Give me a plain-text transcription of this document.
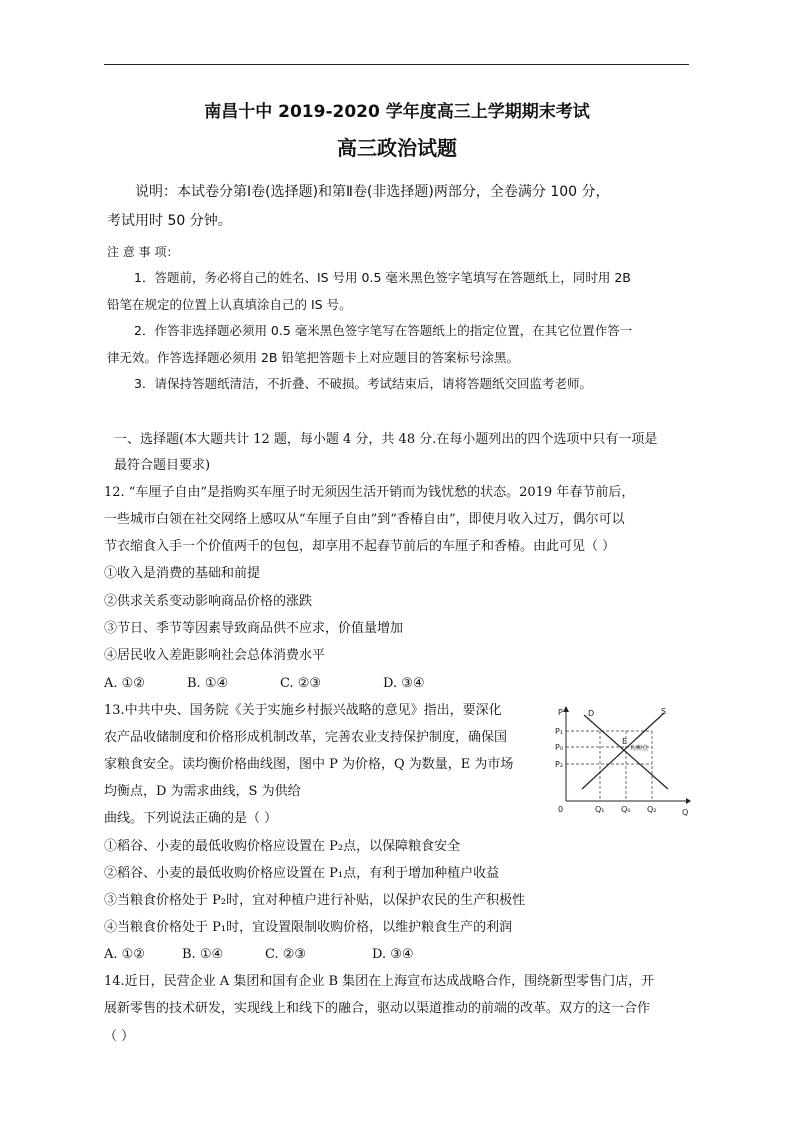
南昌十中 2019-2020 学年度高三上学期期末考试
高三政治试题
说明：本试卷分第Ⅰ卷(选择题)和第Ⅱ卷(非选择题)两部分，全卷满分 100 分，
考试用时 50 分钟。
注 意 事 项：
1．答题前，务必将自己的姓名、IS 号用 0.5 毫米黑色签字笔填写在答题纸上，同时用 2B
铅笔在规定的位置上认真填涂自己的 IS 号。
2．作答非选择题必须用 0.5 毫米黑色签字笔写在答题纸上的指定位置，在其它位置作答一
律无效。作答选择题必须用 2B 铅笔把答题卡上对应题目的答案标号涂黑。
3．请保持答题纸清洁，不折叠、不破损。考试结束后，请将答题纸交回监考老师。
一、选择题(本大题共计 12 题，每小题 4 分，共 48 分.在每小题列出的四个选项中只有一项是
最符合题目要求)
12. “车厘子自由”是指购买车厘子时无须因生活开销而为钱忧愁的状态。2019 年春节前后，
一些城市白领在社交网络上感叹从“车厘子自由”到“香椿自由”，即使月收入过万，偶尔可以
节衣缩食入手一个价值两千的包包，却享用不起春节前后的车厘子和香椿。由此可见（ ）
①收入是消费的基础和前提
②供求关系变动影响商品价格的涨跌
③节日、季节等因素导致商品供不应求，价值量增加
④居民收入差距影响社会总体消费水平
A. ①②	B. ①④	C. ②③	D. ③④
13.中共中央、国务院《关于实施乡村振兴战略的意见》指出，要深化
农产品收储制度和价格形成机制改革，完善农业支持保护制度，确保国
家粮食安全。读均衡价格曲线图，图中 P 为价格，Q 为数量，E 为市场
均衡点，D 为需求曲线，S 为供给
曲线。下列说法正确的是（ ）
①稻谷、小麦的最低收购价格应设置在 P₂点，以保障粮食安全
②稻谷、小麦的最低收购价格应设置在 P₁点，有利于增加种植户收益
③当粮食价格处于 P₂时，宜对种植户进行补贴，以保护农民的生产积极性
④当粮食价格处于 P₁时，宜设置限制收购价格，以维护粮食生产的利润
A. ①②	B. ①④	C. ②③	D. ③④
P
Q
0
D	S
E
均衡点
P₁
P₀
P₂
Q₁ Q₀ Q₂
14.近日，民营企业 A 集团和国有企业 B 集团在上海宣布达成战略合作，围绕新型零售门店，开
展新零售的技术研发，实现线上和线下的融合，驱动以渠道推动的前端的改革。双方的这一合作
（ ）
